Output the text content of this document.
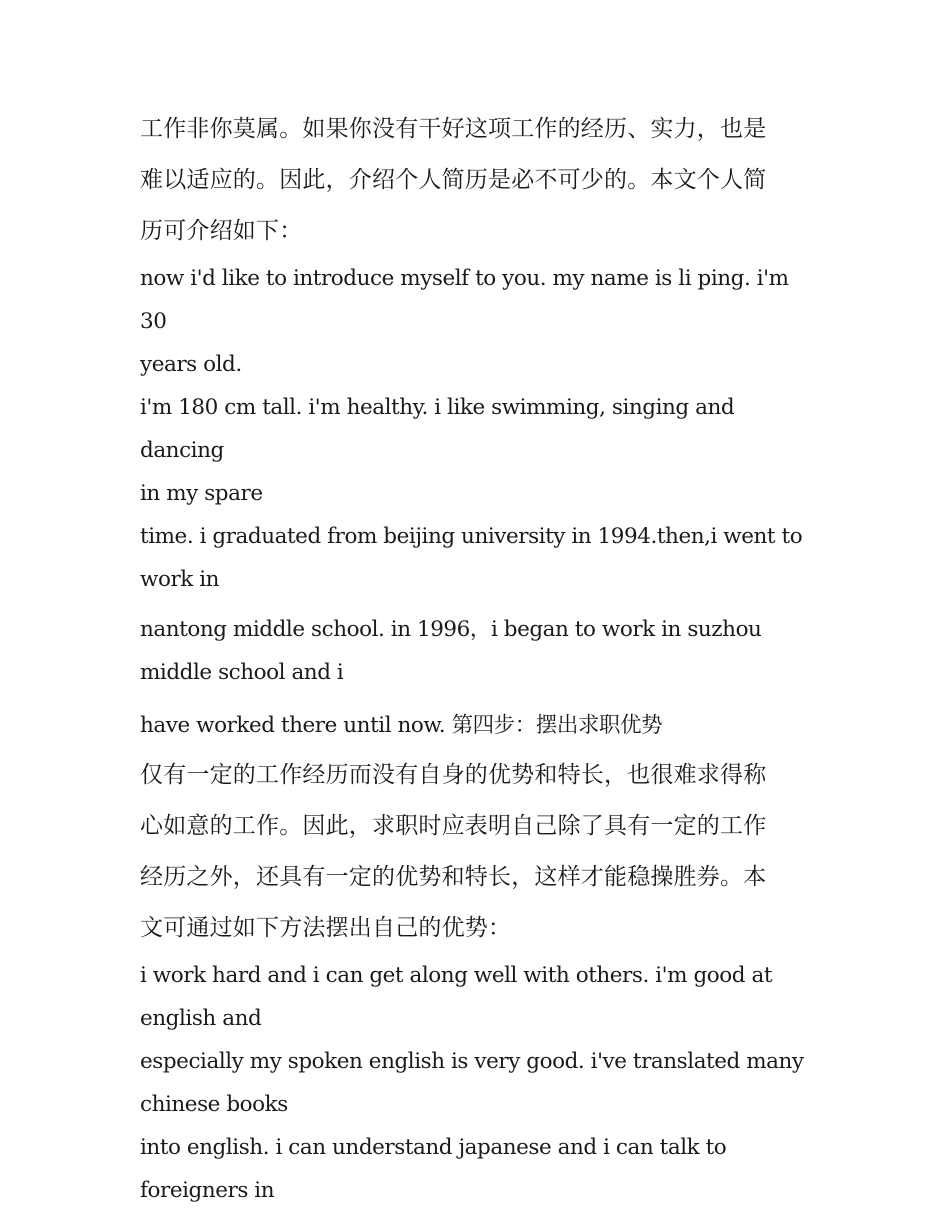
工作非你莫属。如果你没有干好这项工作的经历、实力，也是
难以适应的。因此，介绍个人简历是必不可少的。本文个人简
历可介绍如下：
now i'd like to introduce myself to you. my name is li ping. i'm 30
years old.
i'm 180 cm tall. i'm healthy. i like swimming, singing and dancing
in my spare
time. i graduated from beijing university in 1994.then,i went to
work in
nantong middle school. in 1996，i began to work in suzhou
middle school and i
have worked there until now. 第四步：摆出求职优势
仅有一定的工作经历而没有自身的优势和特长，也很难求得称
心如意的工作。因此，求职时应表明自己除了具有一定的工作
经历之外，还具有一定的优势和特长，这样才能稳操胜券。本
文可通过如下方法摆出自己的优势：
i work hard and i can get along well with others. i'm good at
english and
especially my spoken english is very good. i've translated many
chinese books
into english. i can understand japanese and i can talk to
foreigners in
